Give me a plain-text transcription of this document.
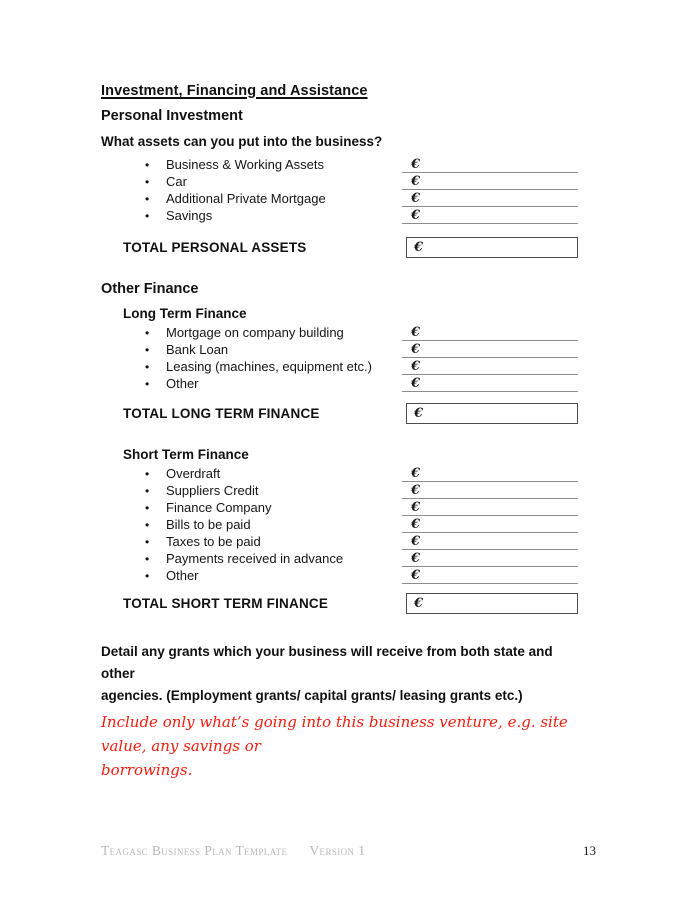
Investment, Financing and Assistance
Personal Investment
What assets can you put into the business?
•	Business & Working Assets	€
•	Car	€
•	Additional Private Mortgage	€
•	Savings	€
TOTAL PERSONAL ASSETS	€
Other Finance
Long Term Finance
•	Mortgage on company building	€
•	Bank Loan	€
•	Leasing (machines, equipment etc.)	€
•	Other	€
TOTAL LONG TERM FINANCE	€
Short Term Finance
•	Overdraft	€
•	Suppliers Credit	€
•	Finance Company	€
•	Bills to be paid	€
•	Taxes to be paid	€
•	Payments received in advance	€
•	Other	€
TOTAL SHORT TERM FINANCE	€
Detail any grants which your business will receive from both state and other
agencies. (Employment grants/ capital grants/ leasing grants etc.)
Include only what’s going into this business venture, e.g. site value, any savings or
borrowings.
Teagasc Business Plan Template Version 1	13
